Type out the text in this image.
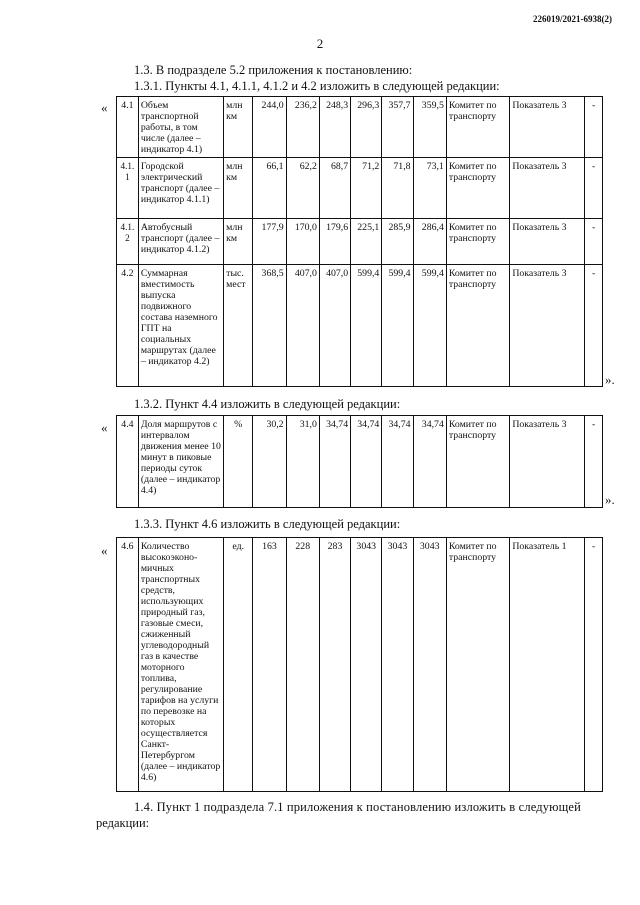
226019/2021-6938(2)
2

1.3. В подразделе 5.2 приложения к постановлению:

1.3.1. Пункты 4.1, 4.1.1, 4.1.2 и 4.2 изложить в следующей редакции:

« 4.1	Объем транспортной работы, в том числе (далее – индикатор 4.1)	млн км	244,0	236,2	248,3	296,3	357,7	359,5	Комитет по транспорту	Показатель 3	-
4.1.1	Городской электрический транспорт (далее – индикатор 4.1.1)	млн км	66,1	62,2	68,7	71,2	71,8	73,1	Комитет по транспорту	Показатель 3	-
4.1.2	Автобусный транспорт (далее – индикатор 4.1.2)	млн км	177,9	170,0	179,6	225,1	285,9	286,4	Комитет по транспорту	Показатель 3	-
4.2	Суммарная вместимость выпуска подвижного состава наземного ГПТ на социальных маршрутах (далее – индикатор 4.2)	тыс. мест	368,5	407,0	407,0	599,4	599,4	599,4	Комитет по транспорту	Показатель 3	-
».

1.3.2. Пункт 4.4 изложить в следующей редакции:

« 4.4	Доля маршрутов с интервалом движения менее 10 минут в пиковые периоды суток (далее – индикатор 4.4)	%	30,2	31,0	34,74	34,74	34,74	34,74	Комитет по транспорту	Показатель 3	-
».

1.3.3. Пункт 4.6 изложить в следующей редакции:

« 4.6	Количество высокоэконо-мичных транспортных средств, использующих природный газ, газовые смеси, сжиженный углеводородный газ в качестве моторного топлива, регулирование тарифов на услуги по перевозке на которых осуществляется Санкт-Петербургом (далее – индикатор 4.6)	ед.	163	228	283	3043	3043	3043	Комитет по транспорту	Показатель 1	-

1.4. Пункт 1 подраздела 7.1 приложения к постановлению изложить в следующей

редакции:
